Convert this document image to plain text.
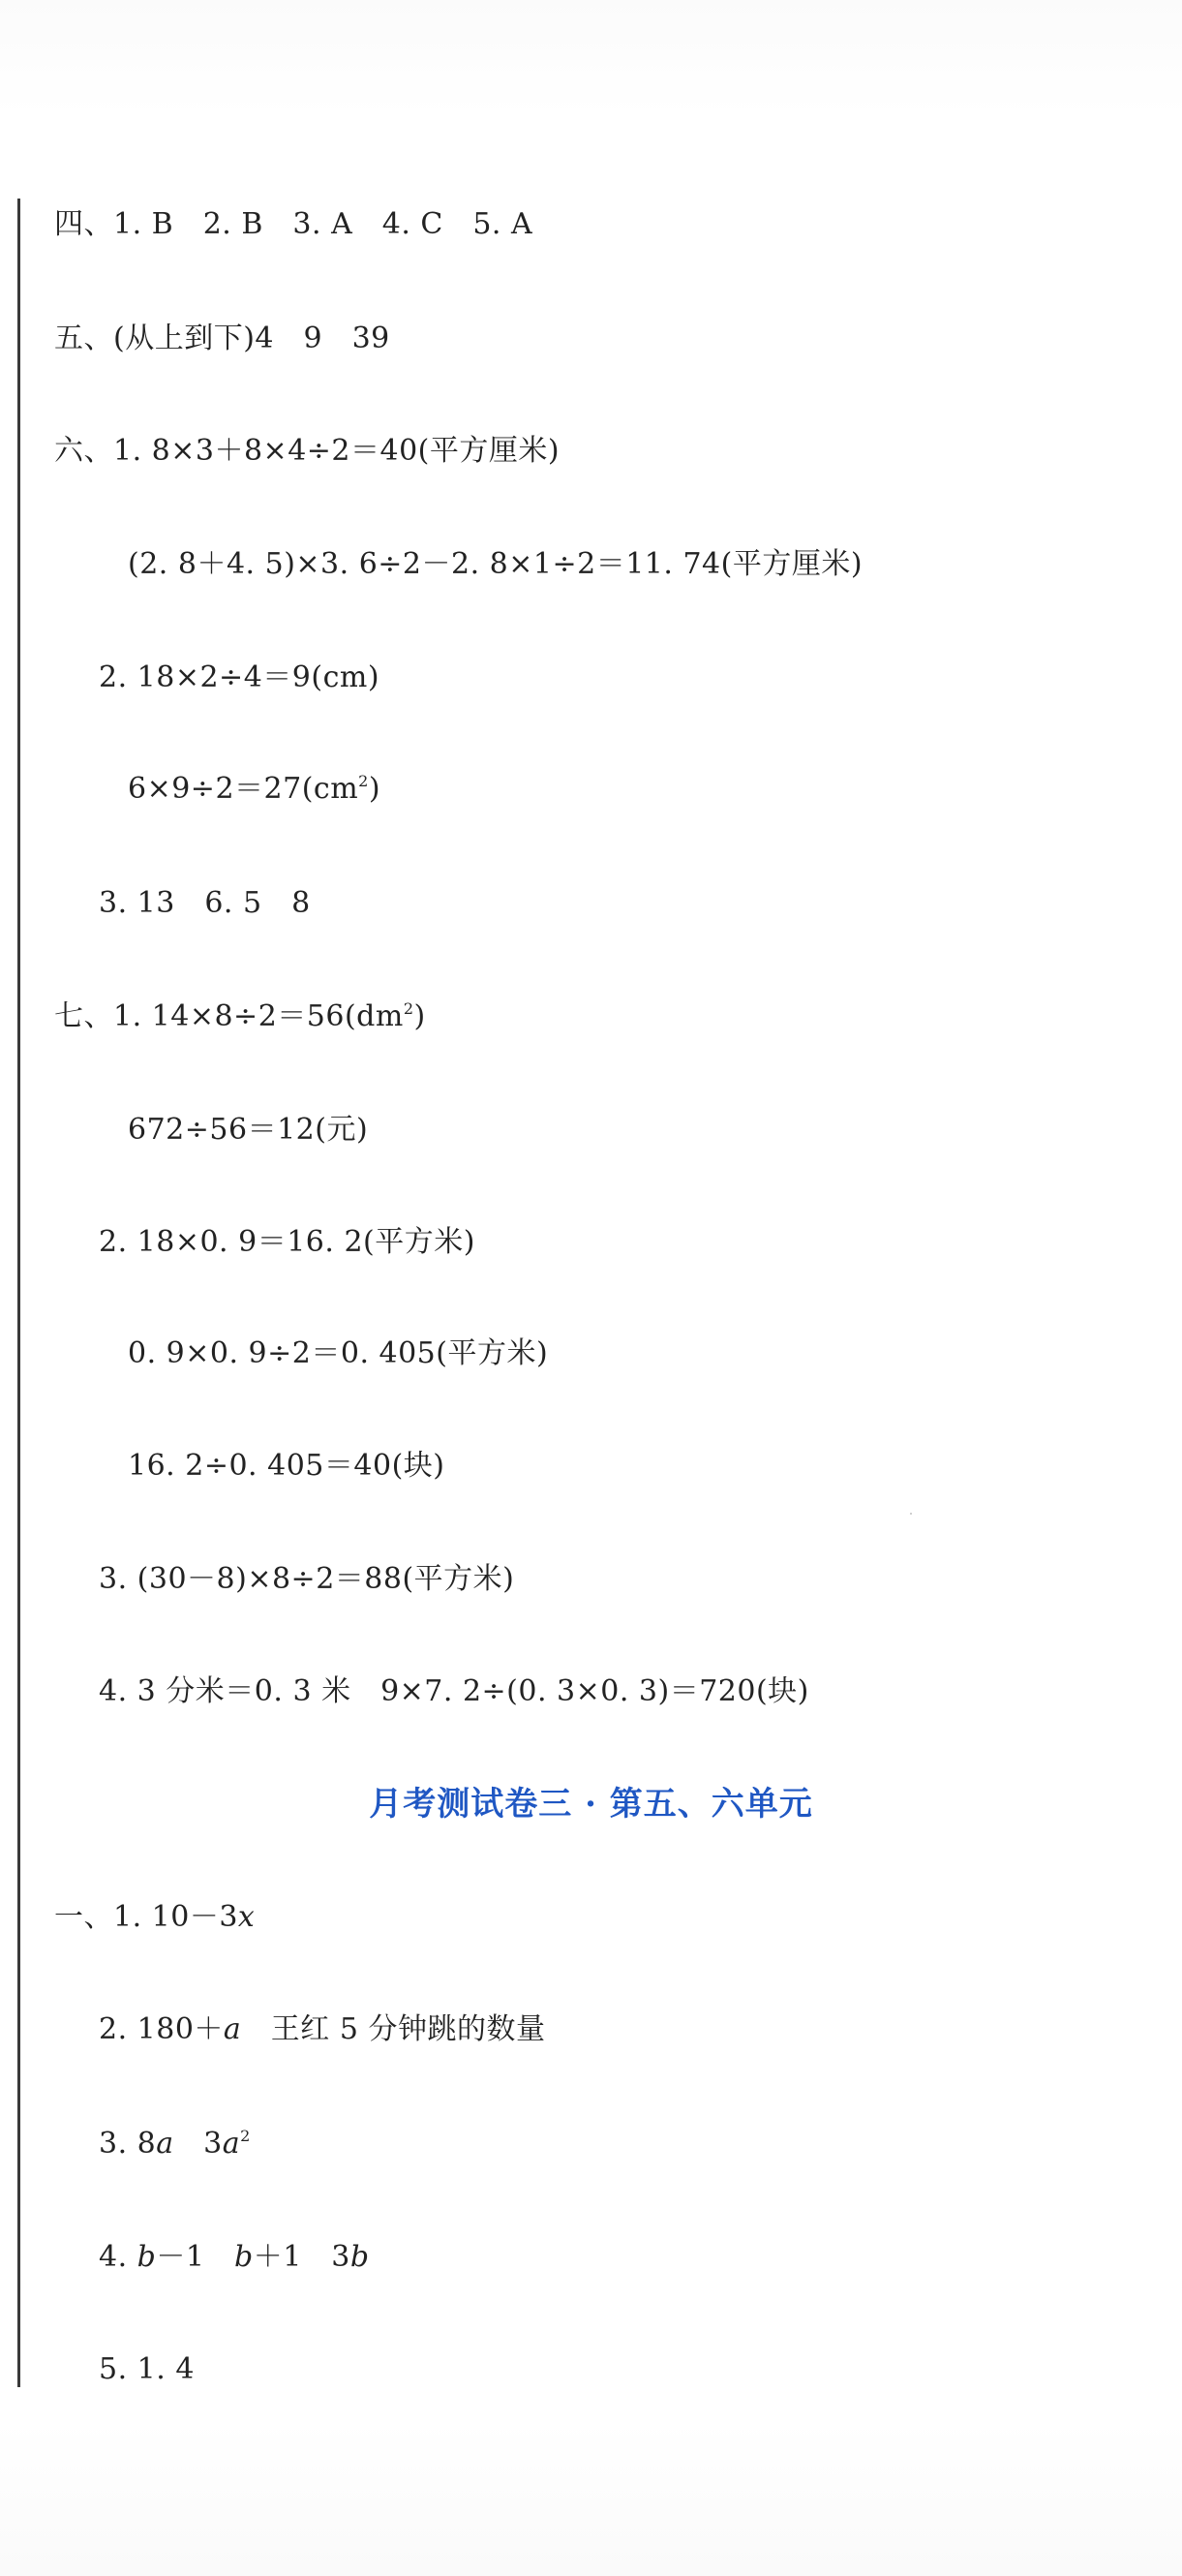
四、1. B　2. B　3. A　4. C　5. A
五、(从上到下)4　9　39
六、1. 8×3＋8×4÷2＝40(平方厘米)
(2. 8＋4. 5)×3. 6÷2－2. 8×1÷2＝11. 74(平方厘米)
2. 18×2÷4＝9(cm)
$6\times 9\div 2=27(cm^2)$
3. 13　6. 5　8
七、1. $14\times 8\div 2=56(dm^2)$
672÷56＝12(元)
2. 18×0. 9＝16. 2(平方米)
0. 9×0. 9÷2＝0. 405(平方米)
16. 2÷0. 405＝40(块)
3. (30－8)×8÷2＝88(平方米)
4. 3 分米＝0. 3 米　9×7. 2÷(0. 3×0. 3)＝720(块)
月考测试卷三 · 第五、六单元
一、1. 10－3x
2. 180＋a　王红 5 分钟跳的数量
3. 8a　$3a^2$
4. b－1　b＋1　3b
5. 1. 4
